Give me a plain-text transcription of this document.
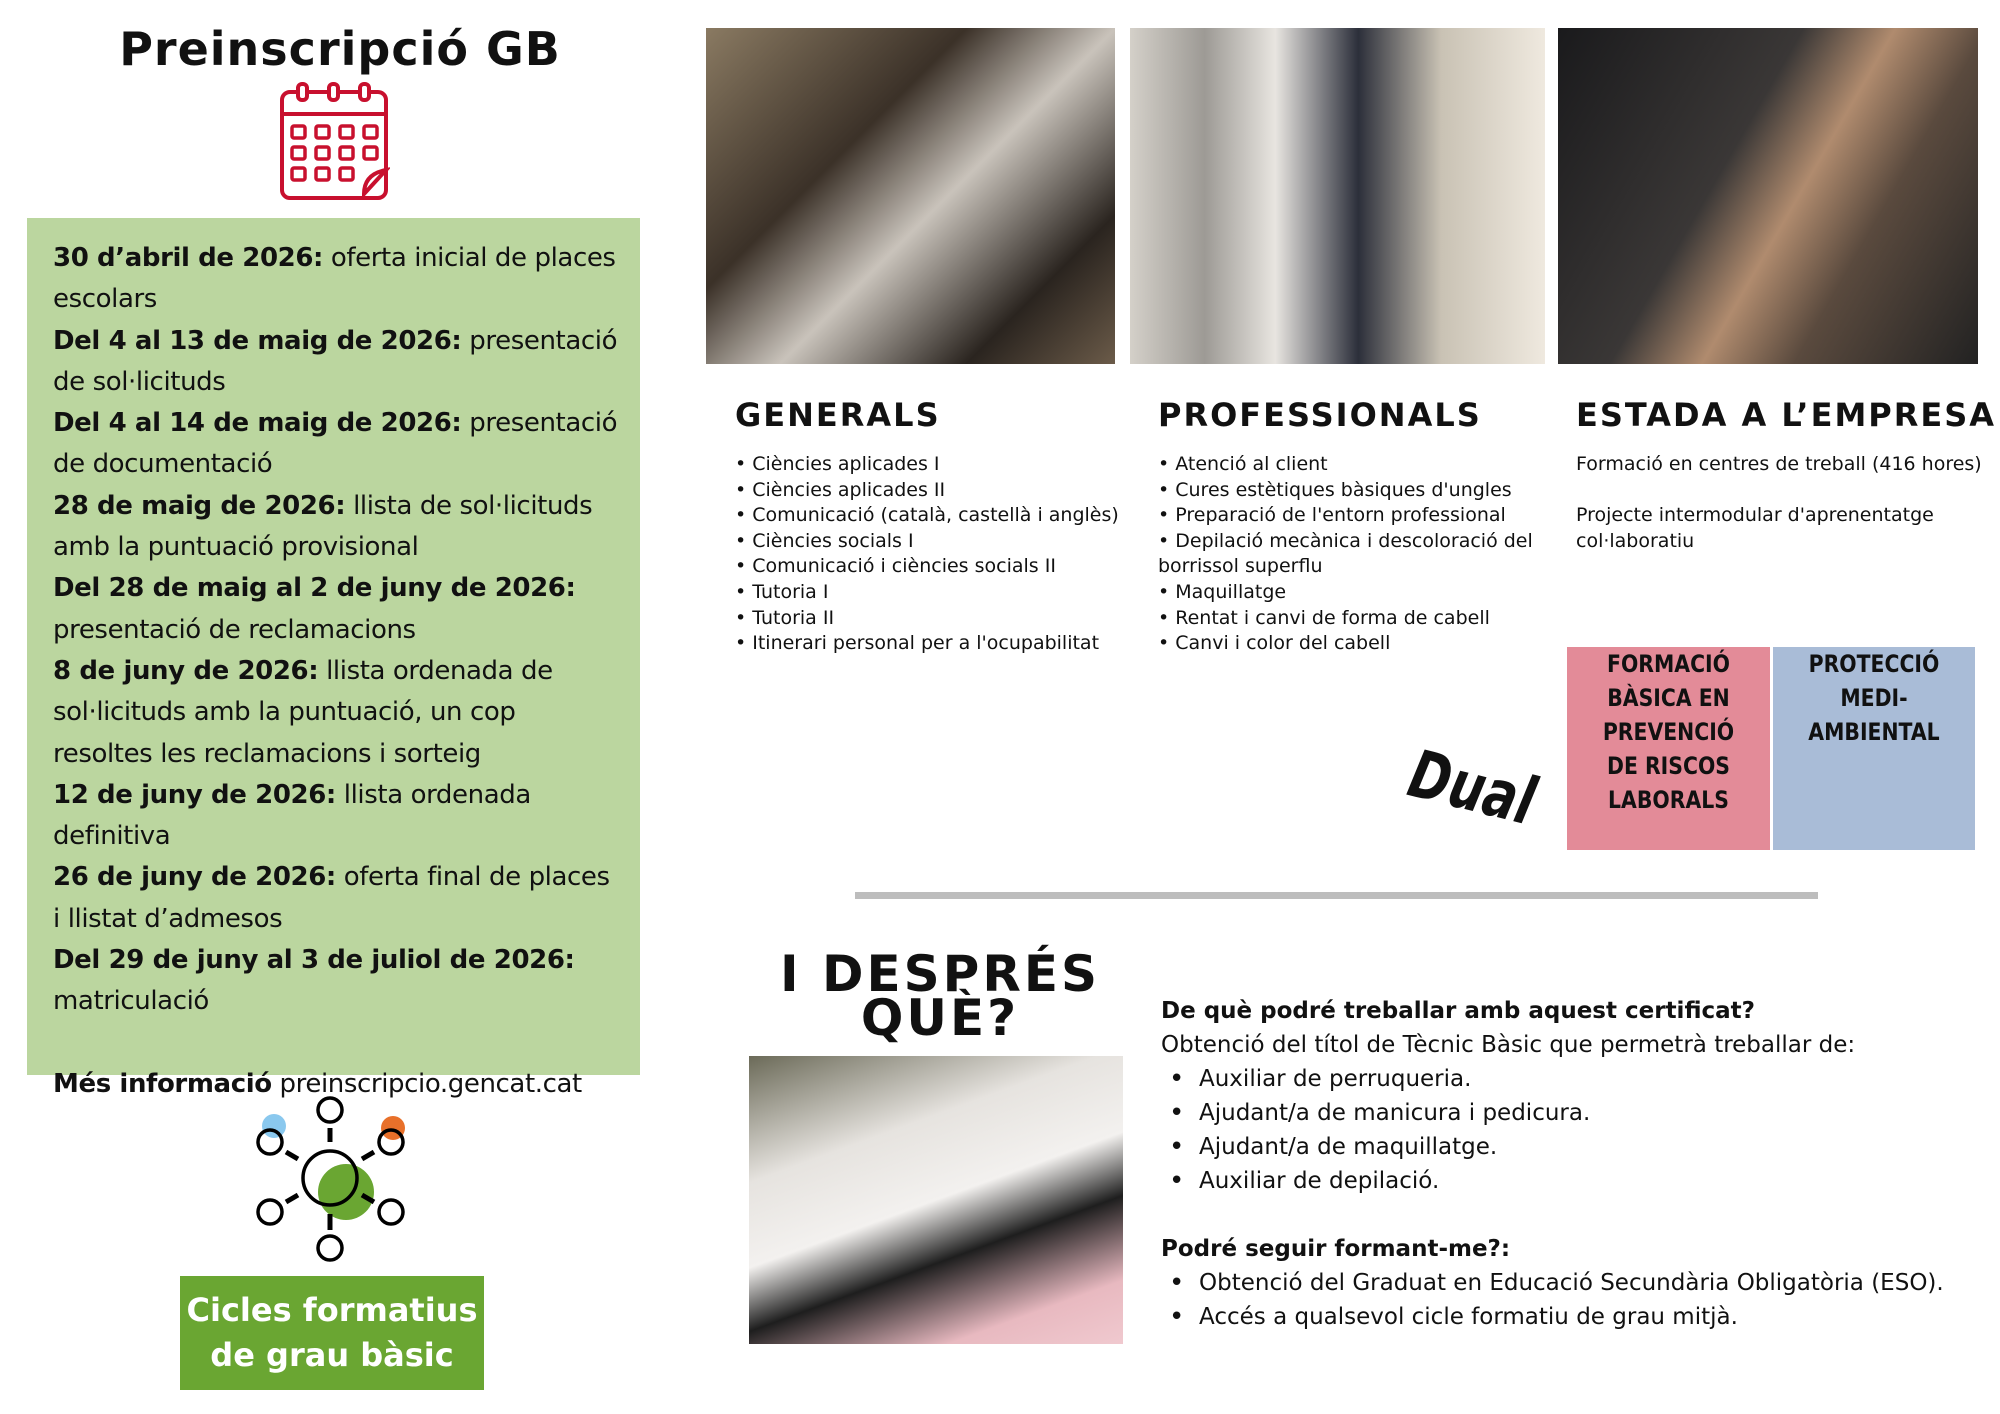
Preinscripció GB
30 d’abril de 2026: oferta inicial de places escolars
Del 4 al 13 de maig de 2026: presentació de sol·licituds
Del 4 al 14 de maig de 2026: presentació de documentació
28 de maig de 2026: llista de sol·licituds amb la puntuació provisional
Del 28 de maig al 2 de juny de 2026: presentació de reclamacions
8 de juny de 2026: llista ordenada de sol·licituds amb la puntuació, un cop resoltes les reclamacions i sorteig
12 de juny de 2026: llista ordenada definitiva
26 de juny de 2026: oferta final de places i llistat d’admesos
Del 29 de juny al 3 de juliol de 2026: matriculació
Més informació preinscripcio.gencat.cat
Cicles formatius
de grau bàsic
GENERALS	PROFESSIONALS	ESTADA A L’EMPRESA
• Ciències aplicades I
• Ciències aplicades II
• Comunicació (català, castellà i anglès)
• Ciències socials I
• Comunicació i ciències socials II
• Tutoria I
• Tutoria II
• Itinerari personal per a l'ocupabilitat
• Atenció al client
• Cures estètiques bàsiques d'ungles
• Preparació de l'entorn professional
• Depilació mecànica i descoloració del borrissol superflu
• Maquillatge
• Rentat i canvi de forma de cabell
• Canvi i color del cabell
Formació en centres de treball (416 hores)
Projecte intermodular d'aprenentatge col·laboratiu
Dual
FORMACIÓ BÀSICA EN PREVENCIÓ DE RISCOS LABORALS
PROTECCIÓ MEDI-AMBIENTAL
I DESPRÉS
QUÈ?	De què podré treballar amb aquest certificat?
Obtenció del títol de Tècnic Bàsic que permetrà treballar de:
• Auxiliar de perruqueria.
• Ajudant/a de manicura i pedicura.
• Ajudant/a de maquillatge.
• Auxiliar de depilació.
Podré seguir formant-me?:
• Obtenció del Graduat en Educació Secundària Obligatòria (ESO).
• Accés a qualsevol cicle formatiu de grau mitjà.
